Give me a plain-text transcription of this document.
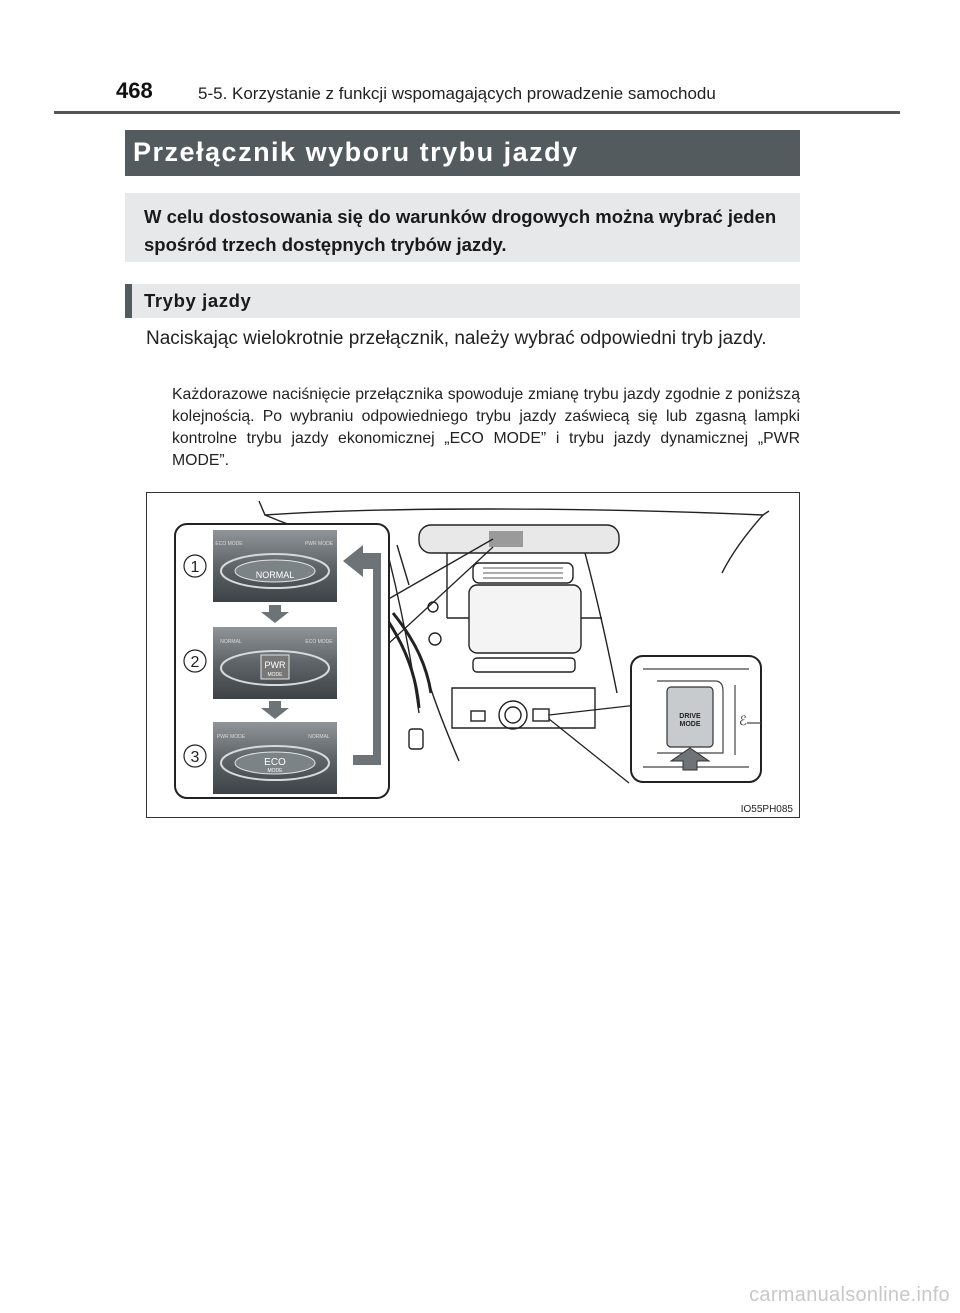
468	5-5. Korzystanie z funkcji wspomagających prowadzenie samochodu
Przełącznik wyboru trybu jazdy
W celu dostosowania się do warunków drogowych można wybrać jeden spośród trzech dostępnych trybów jazdy.
Tryby jazdy
Naciskając wielokrotnie przełącznik, należy wybrać odpowiedni tryb jazdy.
Każdorazowe naciśnięcie przełącznika spowoduje zmianę trybu jazdy zgodnie z poniższą kolejnością. Po wybraniu odpowiedniego trybu jazdy zaświecą się lub zgasną lampki kontrolne trybu jazdy ekonomicznej „ECO MODE” i trybu jazdy dynamicznej „PWR MODE”.
1
2
3
NORMAL
ECO MODE	PWR MODE
PWR
MODE
NORMAL	ECO MODE
ECO
MODE
PWR MODE	NORMAL
DRIVE
MODE	ℰ
IO55PH085
carmanualsonline.info
